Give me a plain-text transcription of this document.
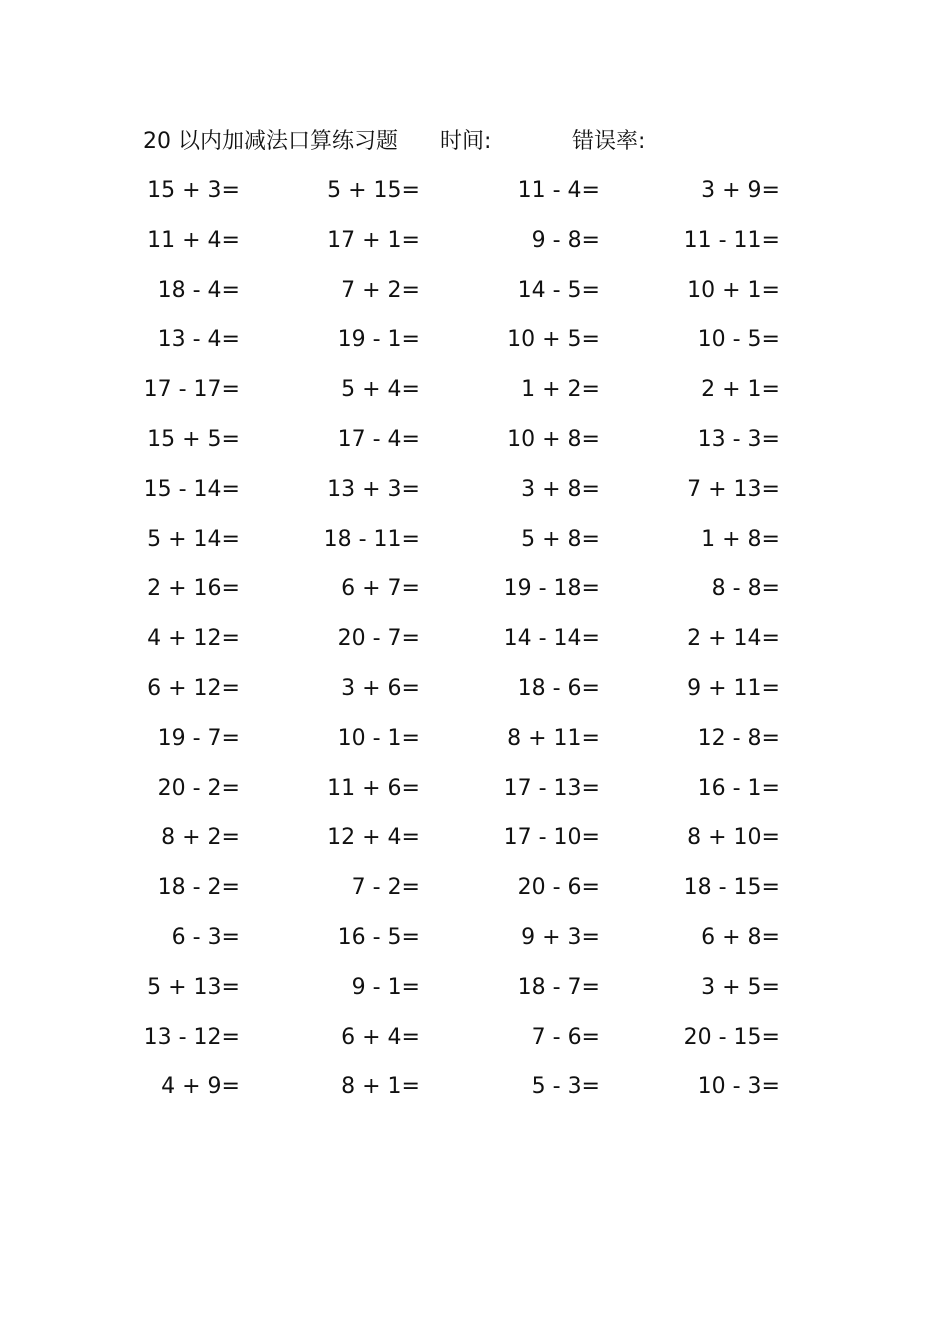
20 以内加减法口算练习题 时间:	错误率:
15 + 3=	5 + 15=	11 - 4=	3 + 9=
11 + 4=	17 + 1=	9 - 8=	11 - 11=
18 - 4=	7 + 2=	14 - 5=	10 + 1=
13 - 4=	19 - 1=	10 + 5=	10 - 5=
17 - 17=	5 + 4=	1 + 2=	2 + 1=
15 + 5=	17 - 4=	10 + 8=	13 - 3=
15 - 14=	13 + 3=	3 + 8=	7 + 13=
5 + 14=	18 - 11=	5 + 8=	1 + 8=
2 + 16=	6 + 7=	19 - 18=	8 - 8=
4 + 12=	20 - 7=	14 - 14=	2 + 14=
6 + 12=	3 + 6=	18 - 6=	9 + 11=
19 - 7=	10 - 1=	8 + 11=	12 - 8=
20 - 2=	11 + 6=	17 - 13=	16 - 1=
8 + 2=	12 + 4=	17 - 10=	8 + 10=
18 - 2=	7 - 2=	20 - 6=	18 - 15=
6 - 3=	16 - 5=	9 + 3=	6 + 8=
5 + 13=	9 - 1=	18 - 7=	3 + 5=
13 - 12=	6 + 4=	7 - 6=	20 - 15=
4 + 9=	8 + 1=	5 - 3=	10 - 3=
